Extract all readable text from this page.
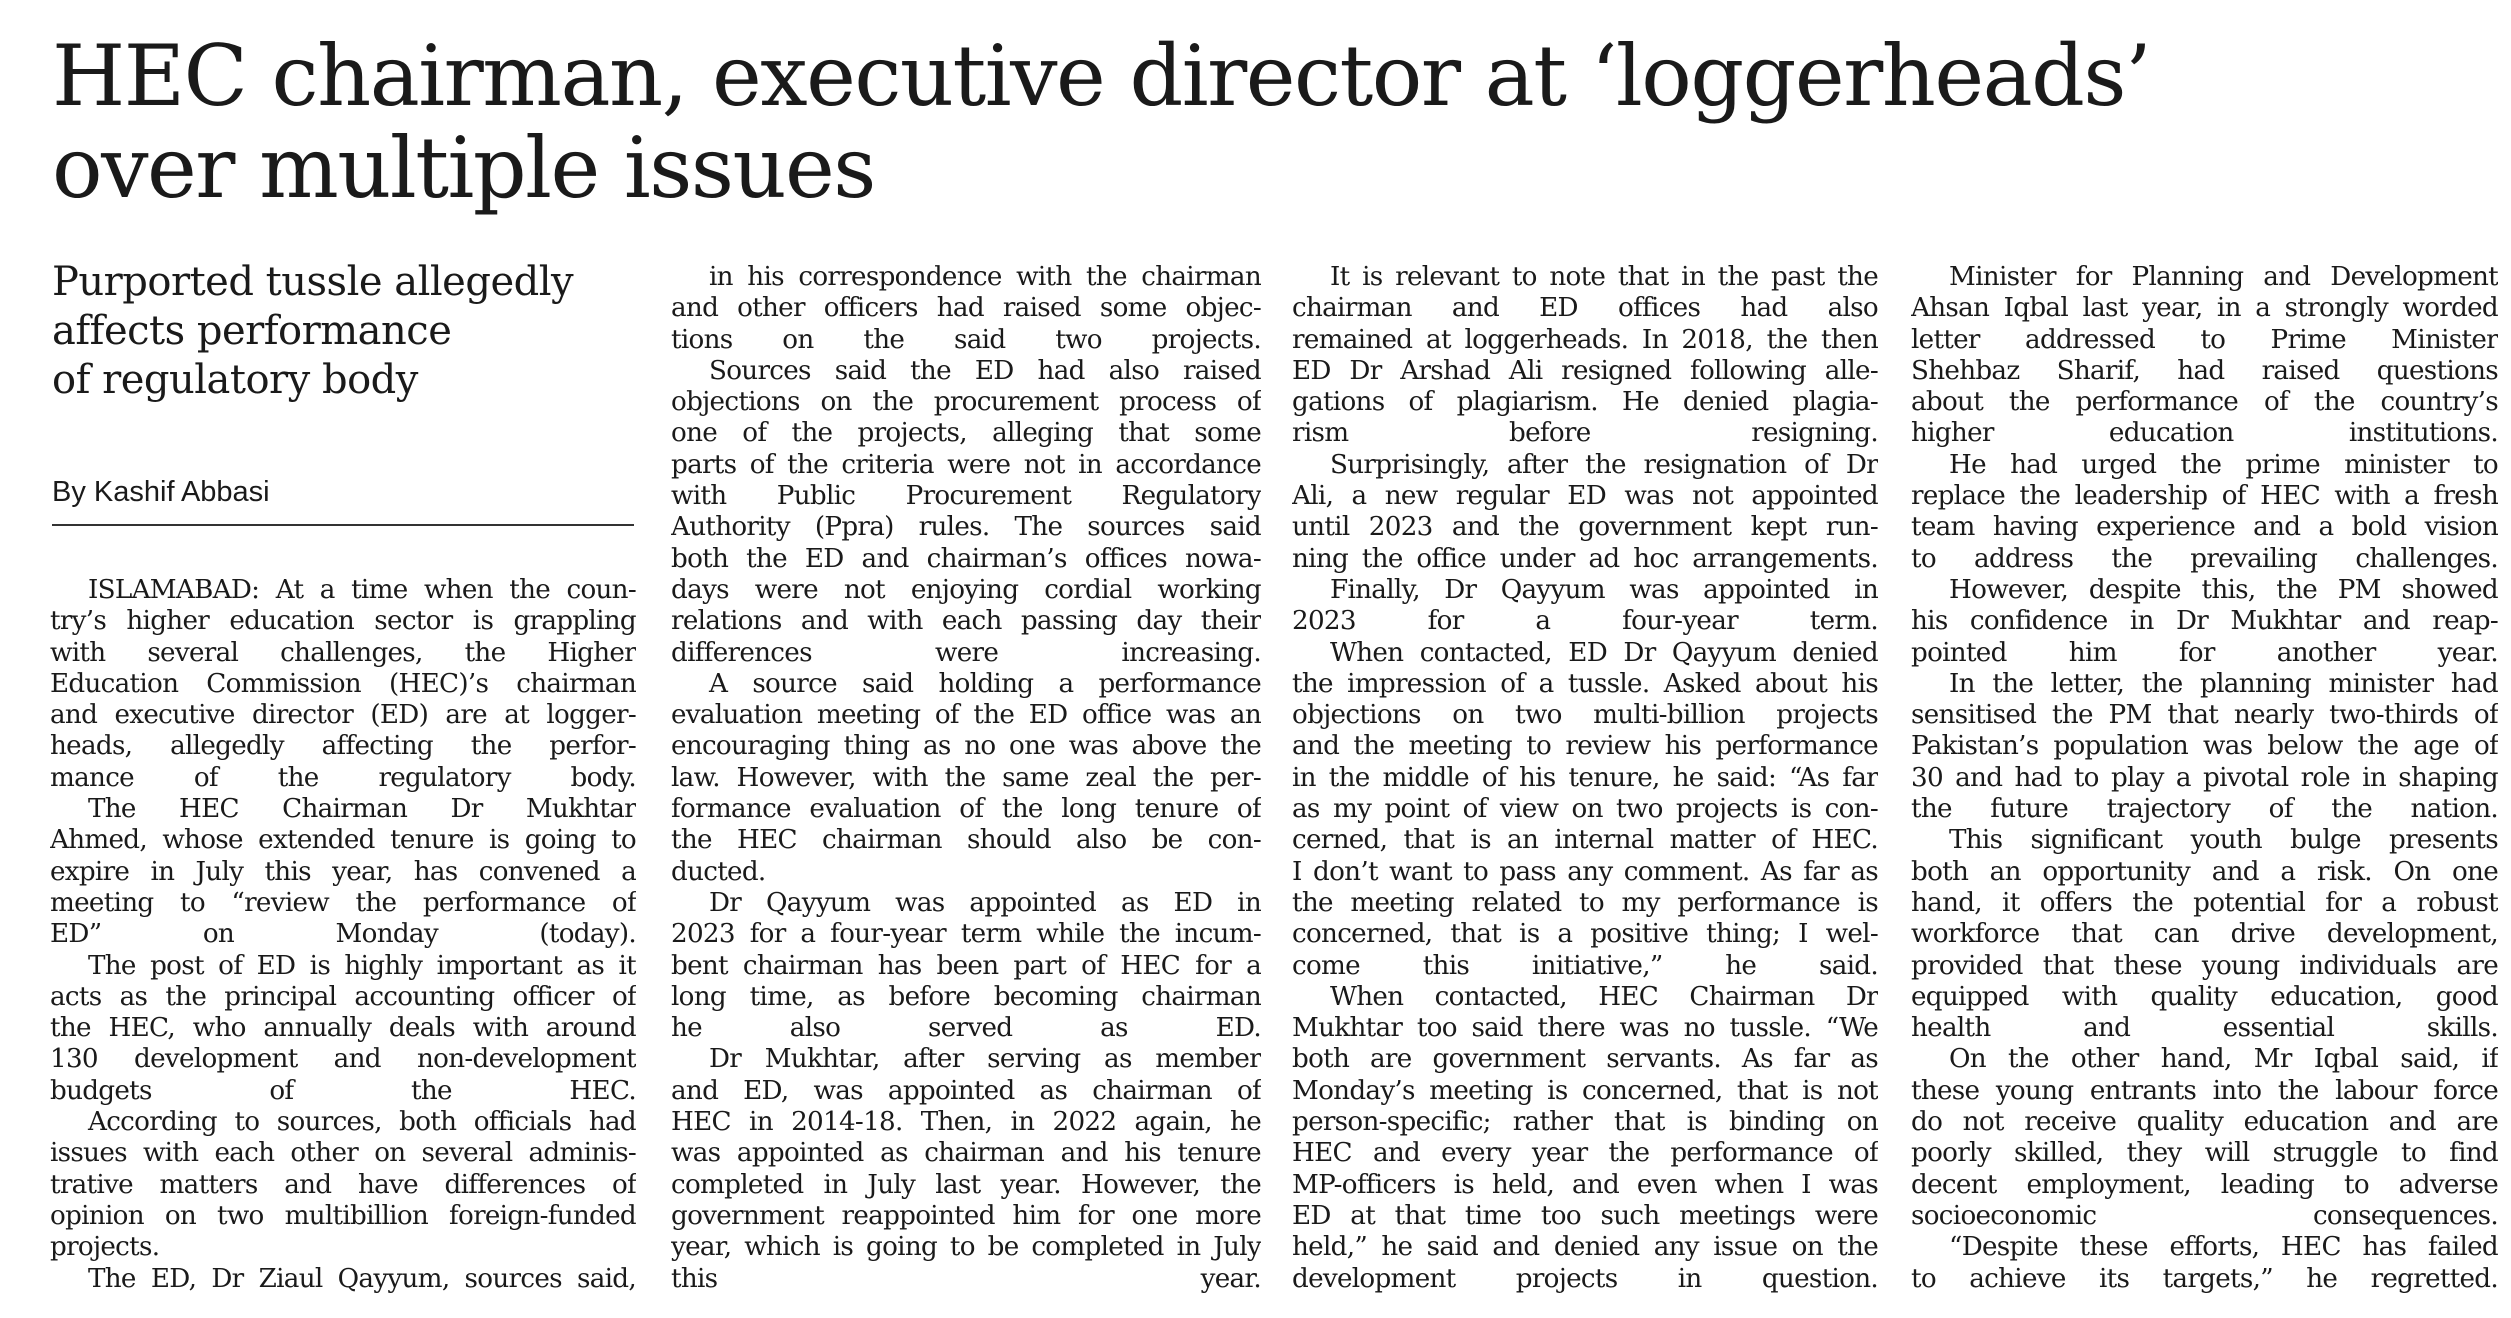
HEC chairman, executive director at ‘loggerheads’
over multiple issues
Purported tussle allegedly
affects performance
of regulatory body
By Kashif Abbasi

ISLAMABAD: At a time when the coun-
try’s higher education sector is grappling
with several challenges, the Higher
Education Commission (HEC)’s chairman
and executive director (ED) are at logger-
heads, allegedly affecting the perfor-
mance of the regulatory body.

The HEC Chairman Dr Mukhtar
Ahmed, whose extended tenure is going to
expire in July this year, has convened a
meeting to “review the performance of
ED” on Monday (today).

The post of ED is highly important as it
acts as the principal accounting officer of
the HEC, who annually deals with around
130 development and non-development
budgets of the HEC.

According to sources, both officials had
issues with each other on several adminis-
trative matters and have differences of
opinion on two multibillion foreign-funded
projects.

The ED, Dr Ziaul Qayyum, sources said,

in his correspondence with the chairman
and other officers had raised some objec-
tions on the said two projects.

Sources said the ED had also raised
objections on the procurement process of
one of the projects, alleging that some
parts of the criteria were not in accordance
with Public Procurement Regulatory
Authority (Ppra) rules. The sources said
both the ED and chairman’s offices nowa-
days were not enjoying cordial working
relations and with each passing day their
differences were increasing.

A source said holding a performance
evaluation meeting of the ED office was an
encouraging thing as no one was above the
law. However, with the same zeal the per-
formance evaluation of the long tenure of
the HEC chairman should also be con-
ducted.

Dr Qayyum was appointed as ED in
2023 for a four-year term while the incum-
bent chairman has been part of HEC for a
long time, as before becoming chairman
he also served as ED.

Dr Mukhtar, after serving as member
and ED, was appointed as chairman of
HEC in 2014-18. Then, in 2022 again, he
was appointed as chairman and his tenure
completed in July last year. However, the
government reappointed him for one more
year, which is going to be completed in July
this year.

It is relevant to note that in the past the
chairman and ED offices had also
remained at loggerheads. In 2018, the then
ED Dr Arshad Ali resigned following alle-
gations of plagiarism. He denied plagia-
rism before resigning.

Surprisingly, after the resignation of Dr
Ali, a new regular ED was not appointed
until 2023 and the government kept run-
ning the office under ad hoc arrangements.

Finally, Dr Qayyum was appointed in
2023 for a four-year term.

When contacted, ED Dr Qayyum denied
the impression of a tussle. Asked about his
objections on two multi-billion projects
and the meeting to review his performance
in the middle of his tenure, he said: “As far
as my point of view on two projects is con-
cerned, that is an internal matter of HEC.
I don’t want to pass any comment. As far as
the meeting related to my performance is
concerned, that is a positive thing; I wel-
come this initiative,” he said.

When contacted, HEC Chairman Dr
Mukhtar too said there was no tussle. “We
both are government servants. As far as
Monday’s meeting is concerned, that is not
person-specific; rather that is binding on
HEC and every year the performance of
MP-officers is held, and even when I was
ED at that time too such meetings were
held,” he said and denied any issue on the
development projects in question.

Minister for Planning and Development
Ahsan Iqbal last year, in a strongly worded
letter addressed to Prime Minister
Shehbaz Sharif, had raised questions
about the performance of the country’s
higher education institutions.

He had urged the prime minister to
replace the leadership of HEC with a fresh
team having experience and a bold vision
to address the prevailing challenges.

However, despite this, the PM showed
his confidence in Dr Mukhtar and reap-
pointed him for another year.

In the letter, the planning minister had
sensitised the PM that nearly two-thirds of
Pakistan’s population was below the age of
30 and had to play a pivotal role in shaping
the future trajectory of the nation.

This significant youth bulge presents
both an opportunity and a risk. On one
hand, it offers the potential for a robust
workforce that can drive development,
provided that these young individuals are
equipped with quality education, good
health and essential skills.

On the other hand, Mr Iqbal said, if
these young entrants into the labour force
do not receive quality education and are
poorly skilled, they will struggle to find
decent employment, leading to adverse
socioeconomic consequences.

“Despite these efforts, HEC has failed
to achieve its targets,” he regretted.
